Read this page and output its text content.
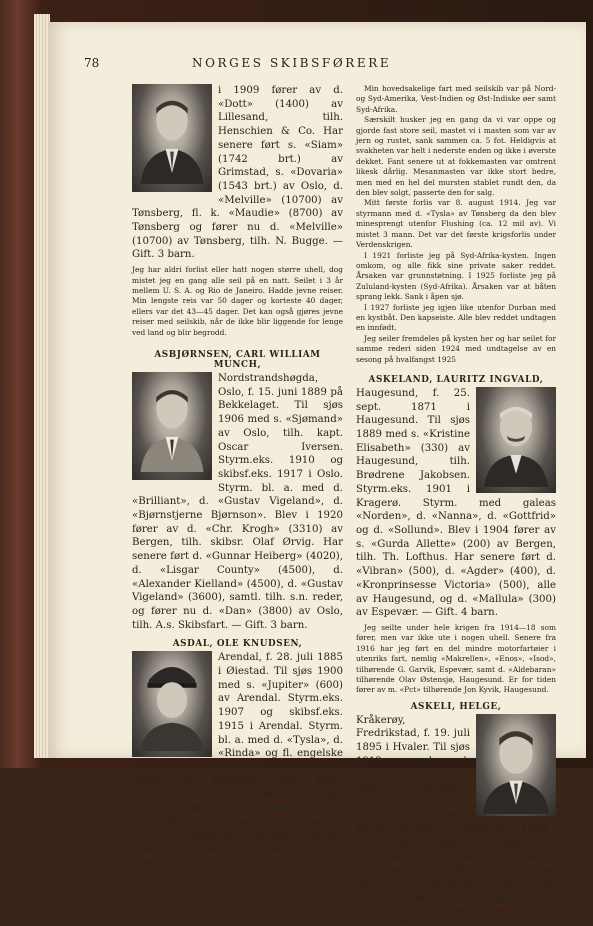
78	NORGES SKIBSFØRERE

i 1909 fører av d. «Dott» (1400) av Lillesand, tilh. Henschien & Co. Har senere ført s. «Siam» (1742 brt.) av Grimstad, s. «Dovaria» (1543 brt.) av Oslo, d. «Melville» (10700) av Tønsberg, fl. k. «Maudie» (8700) av Tønsberg og fører nu d. «Melville» (10700) av Tønsberg, tilh. N. Bugge. — Gift. 3 barn.

Jeg har aldri forlist eller hatt nogen større uhell, dog mistet jeg en gang alle seil på en natt. Seilet i 3 år mellem U. S. A. og Rio de Janeiro. Hadde jevne reiser. Min lengste reis var 50 dager og korteste 40 dager, ellers var det 43—45 dager. Det kan også gjøres jevne reiser med seilskib, når de ikke blir liggende for lenge ved land og blir begrodd.

ASBJØRNSEN, CARL WILLIAM MUNCH,

Nordstrandshøgda, Oslo, f. 15. juni 1889 på Bekkelaget. Til sjøs 1906 med s. «Sjømand» av Oslo, tilh. kapt. Oscar Iversen. Styrm.eks. 1910 og skibsf.eks. 1917 i Oslo. Styrm. bl. a. med d. «Brilliant», d. «Gustav Vigeland», d. «Bjørnstjerne Bjørnson». Blev i 1920 fører av d. «Chr. Krogh» (3310) av Bergen, tilh. skibsr. Olaf Ørvig. Har senere ført d. «Gunnar Heiberg» (4020), d. «Lisgar County» (4500), d. «Alexander Kielland» (4500), d. «Gustav Vigeland» (3600), samtl. tilh. s.n. reder, og fører nu d. «Dan» (3800) av Oslo, tilh. A.s. Skibsfart. — Gift. 3 barn.

ASDAL, OLE KNUDSEN,

Arendal, f. 28. juli 1885 i Øiestad. Til sjøs 1900 med s. «Jupiter» (600) av Arendal. Styrm.eks. 1907 og skibsf.eks. 1915 i Arendal. Styrm. bl. a. med d. «Tysla», d. «Rinda» og fl. engelske skib. Blev i 1918 fører av d. «Rena» (8900) av Tønsberg, tilh. Wilh. Wilhelmsen. Har senere ført d. «Losna» (7000) av Tønsberg, d. «Karin» (655) og fl. hv. båter hjemmehørende i Durban. — Medl. av sjøretten i Durban. I forskj. tilfeller besiktigelsesmann for sjøkontrollen. — Gift. 1 barn.

Min hovedsakelige fart med seilskib var på Nord- og Syd-Amerika, Vest-Indien og Øst-Indiske øer samt Syd-Afrika.

Særskilt husker jeg en gang da vi var oppe og gjorde fast store seil, mastet vi i masten som var av jern og rustet, sank sammen ca. 5 fot. Heldigvis at svakheten var helt i nederste enden og ikke i øverste dekket. Fant senere ut at fokkemasten var omtrent likesk dårlig. Mesanmasten var ikke stort bedre, men med en hel del mursten stablet rundt den, da den blev solgt, passerte den for salg.

Mitt første forlis var 8. august 1914. Jeg var styrmann med d. «Tysla» av Tønsberg da den blev minesprengt utenfor Flushing (ca. 12 mil av). Vi mistet 3 mann. Det var det første krigsforlis under Verdenskrigen.

I 1921 forliste jeg på Syd-Afrika-kysten. Ingen omkom, og alle fikk sine private saker reddet. Årsaken var grunnstøtning. I 1925 forliste jeg på Zululand-kysten (Syd-Afrika). Årsaken var at båten sprang lekk. Sank i åpen sjø.

I 1927 forliste jeg igjen like utenfor Durban med en kystbåt. Den kapseiste. Alle blev reddet undtagen en innfødt.

Jeg seiler fremdeles på kysten her og har seilet for samme rederi siden 1924 med undtagelse av en sesong på hvalfangst 1925

ASKELAND, LAURITZ INGVALD,

Haugesund, f. 25. sept. 1871 i Haugesund. Til sjøs 1889 med s. «Kristine Elisabeth» (330) av Haugesund, tilh. Brødrene Jakobsen. Styrm.eks. 1901 i Kragerø. Styrm. med galeas «Norden», d. «Nanna», d. «Gottfrid» og d. «Sollund». Blev i 1904 fører av s. «Gurda Allette» (200) av Bergen, tilh. Th. Lofthus. Har senere ført d. «Vibran» (500), d. «Agder» (400), d. «Kronprinsesse Victoria» (500), alle av Haugesund, og d. «Mallula» (300) av Espevær. — Gift. 4 barn.

Jeg seilte under hele krigen fra 1914—18 som fører, men var ikke ute i nogen uhell. Senere fra 1916 har jeg ført en del mindre motorfartøier i utenriks fart, nemlig «Makrellen», «Enos», «Isod», tilhørende G. Garvik, Espevær, samt d. «Aldebaran» tilhørende Olav Østensjø, Haugesund. Er for tiden fører av m. «Pct» tilhørende Jon Kyvik, Haugesund.

ASKELI, HELGE,

Kråkerøy, Fredrikstad, f. 19. juli 1895 i Hvaler. Til sjøs 1912 med d. «Brüssel» (2000) av Oslo, tilh. Fred. Olsen & Co. Styrm.eks. 1917 ved Sjømil. korps i Horten og skibsf.eks. 1918 i Oslo. Styrm. med d. «Breda», d. «Brüssel» og d. «Borgsten». Blev i 1924 fører av d. «Brüssel» (2000) og fører nu d. «Borgsten» (2550), alle tilh. s.n. rederi. — Gift. 2 barn.

Jeg har innehatt alle stillinger fra dekksgutt til fører av d. «Brüssel»
